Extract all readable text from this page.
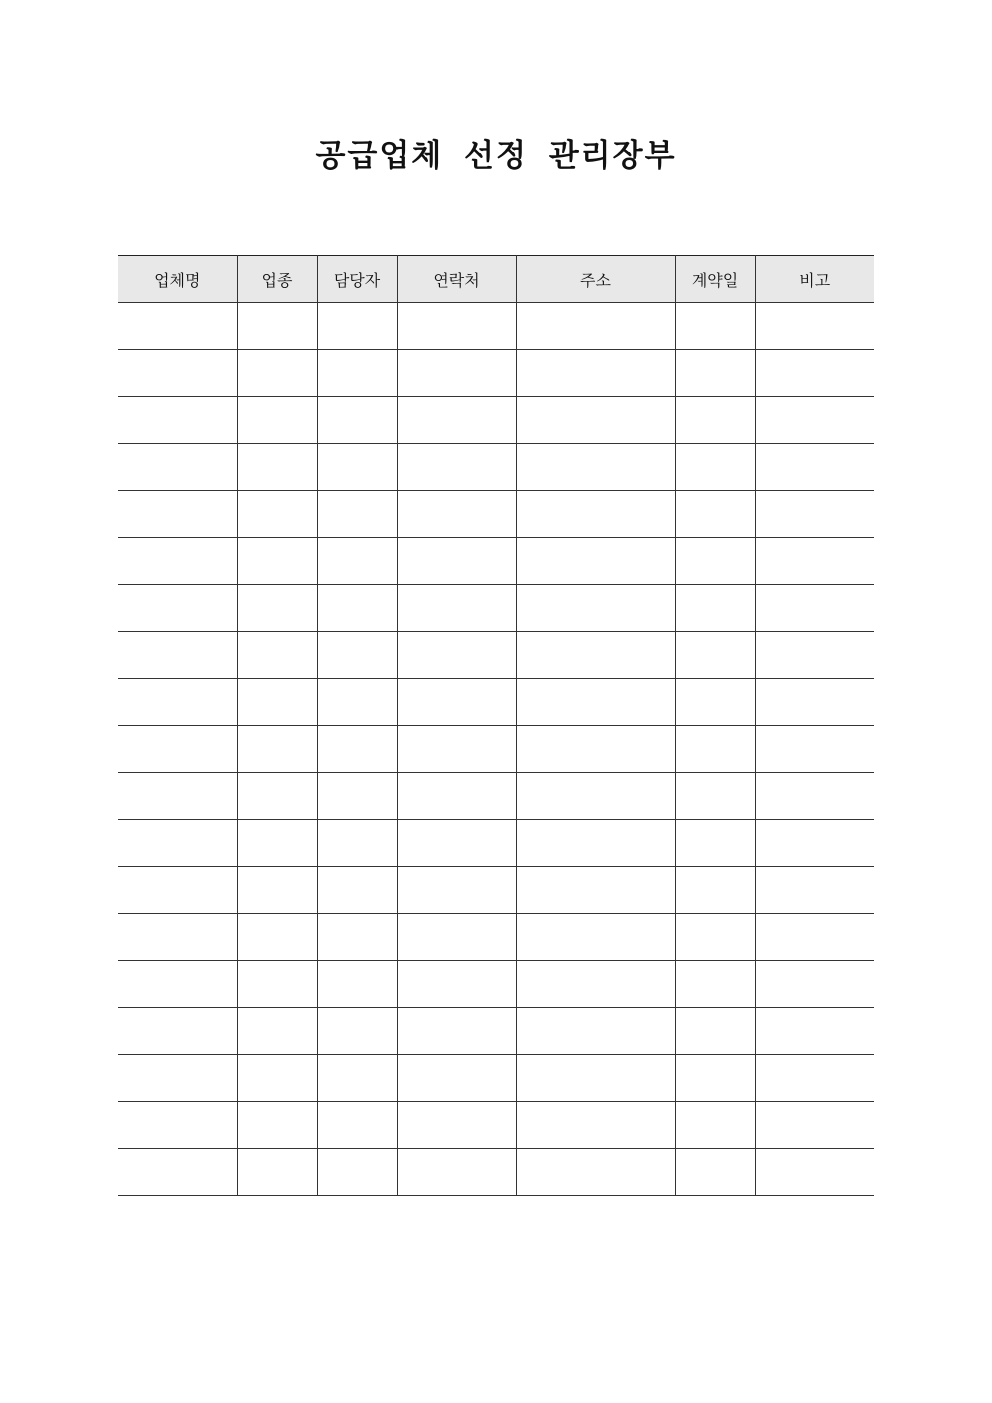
공급업체 선정 관리장부
업체명	업종	담당자	연락처	주소	계약일	비고
